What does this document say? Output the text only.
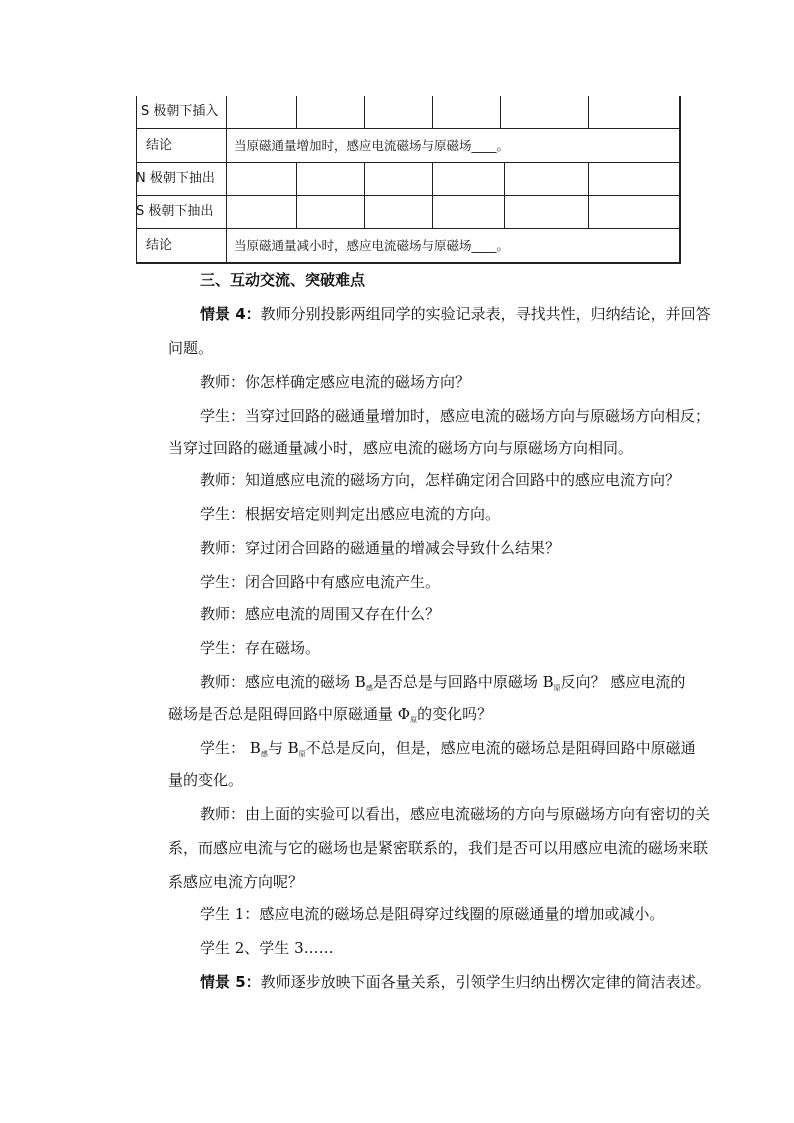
S 极朝下插入
结论	当原磁通量增加时，感应电流磁场与原磁场____。
N 极朝下抽出
S 极朝下抽出
结论	当原磁通量减小时，感应电流磁场与原磁场____。
三、互动交流、突破难点
情景 4：教师分别投影两组同学的实验记录表，寻找共性，归纳结论，并回答
问题。
教师：你怎样确定感应电流的磁场方向？
学生：当穿过回路的磁通量增加时，感应电流的磁场方向与原磁场方向相反；
当穿过回路的磁通量减小时，感应电流的磁场方向与原磁场方向相同。
教师：知道感应电流的磁场方向，怎样确定闭合回路中的感应电流方向？
学生：根据安培定则判定出感应电流的方向。
教师：穿过闭合回路的磁通量的增减会导致什么结果？
学生：闭合回路中有感应电流产生。
教师：感应电流的周围又存在什么？
学生：存在磁场。
教师：感应电流的磁场 $B_感$是否总是与回路中原磁场 $B_原$反向？ 感应电流的
磁场是否总是阻碍回路中原磁通量 $\Phi_原$的变化吗？
学生： $B_感$与 $B_原$不总是反向，但是，感应电流的磁场总是阻碍回路中原磁通
量的变化。
教师：由上面的实验可以看出，感应电流磁场的方向与原磁场方向有密切的关
系，而感应电流与它的磁场也是紧密联系的，我们是否可以用感应电流的磁场来联
系感应电流方向呢？
学生 1：感应电流的磁场总是阻碍穿过线圈的原磁通量的增加或减小。
学生 2、学生 3……
情景 5：教师逐步放映下面各量关系，引领学生归纳出楞次定律的简洁表述。
